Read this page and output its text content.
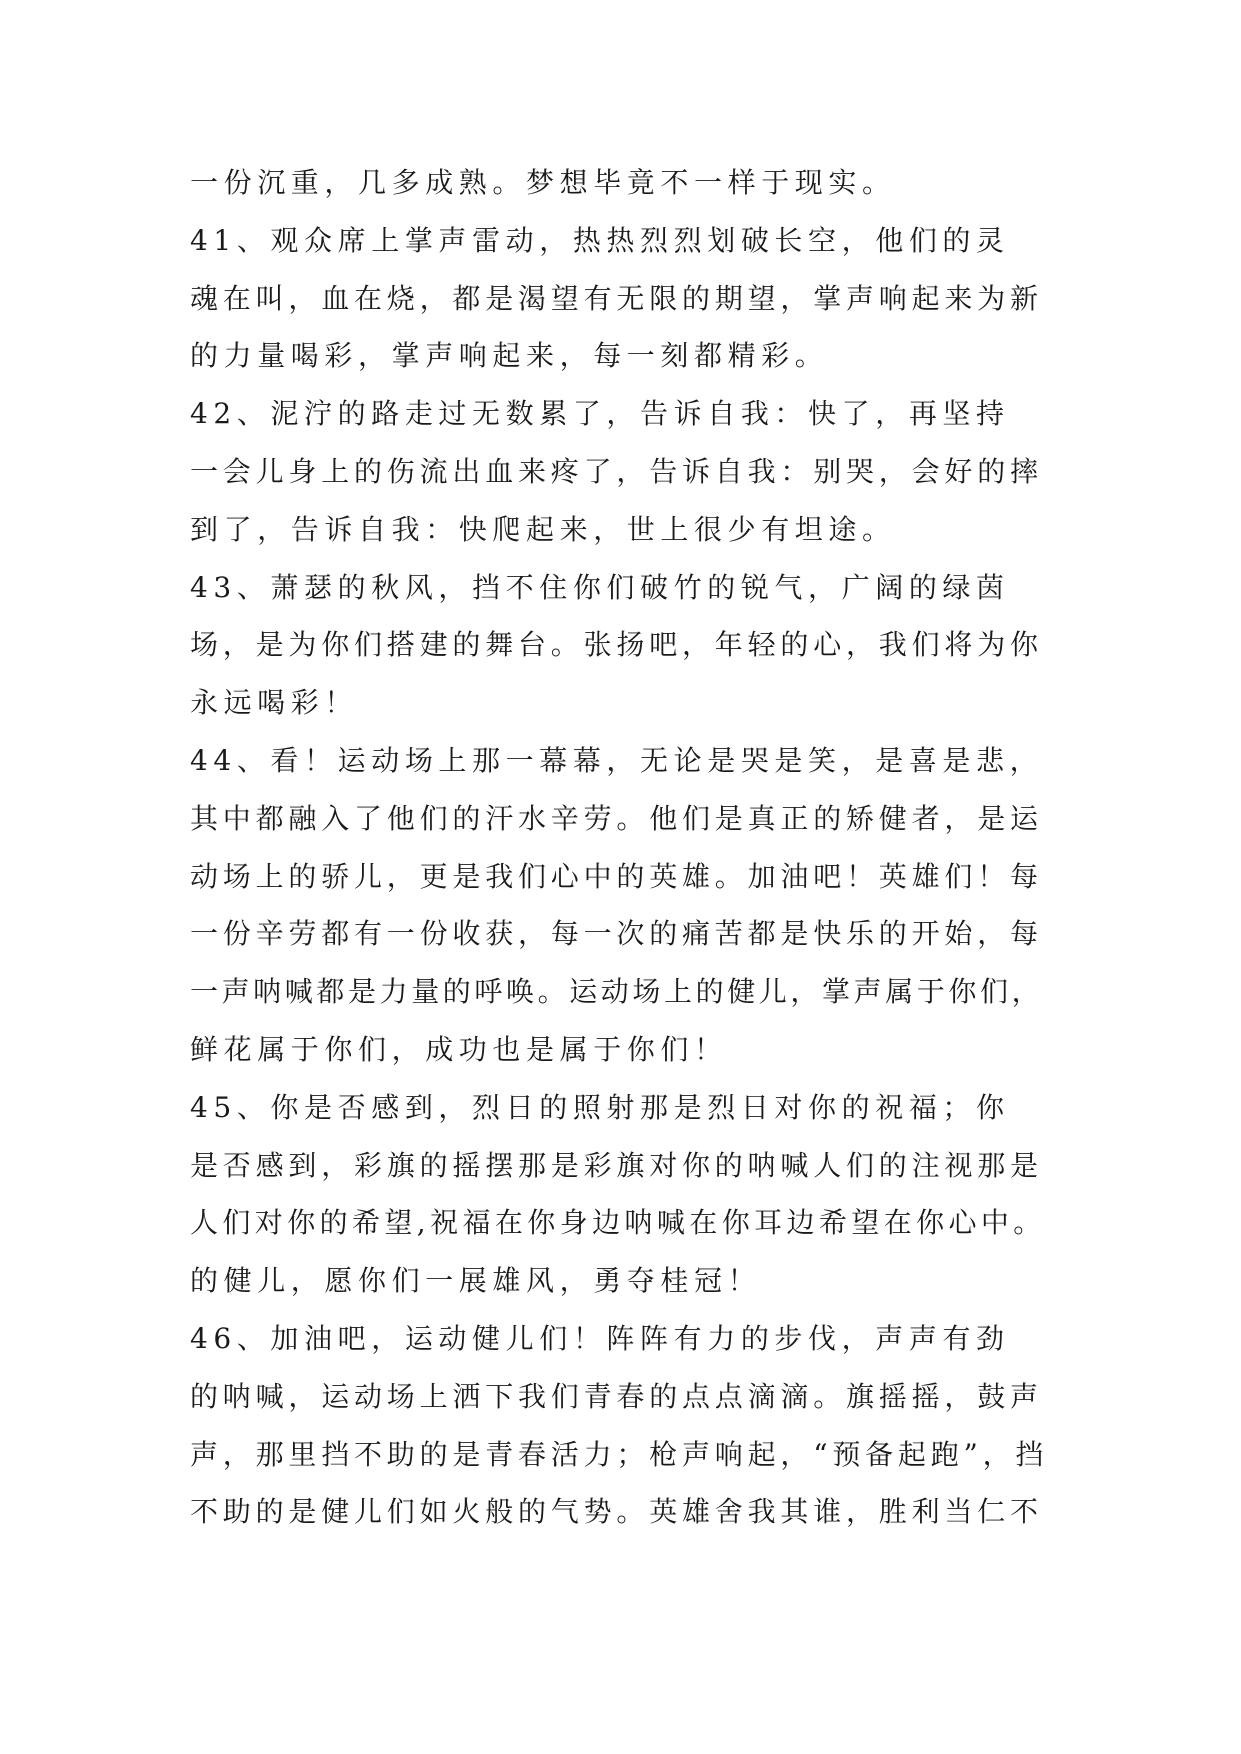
一份沉重，几多成熟。梦想毕竟不一样于现实。
41、观众席上掌声雷动，热热烈烈划破长空，他们的灵
魂在叫，血在烧，都是渴望有无限的期望，掌声响起来为新
的力量喝彩，掌声响起来，每一刻都精彩。
42、泥泞的路走过无数累了，告诉自我：快了，再坚持
一会儿身上的伤流出血来疼了，告诉自我：别哭，会好的摔
到了，告诉自我：快爬起来，世上很少有坦途。
43、萧瑟的秋风，挡不住你们破竹的锐气，广阔的绿茵
场，是为你们搭建的舞台。张扬吧，年轻的心，我们将为你
永远喝彩！
44、看！运动场上那一幕幕，无论是哭是笑，是喜是悲，
其中都融入了他们的汗水辛劳。他们是真正的矫健者，是运
动场上的骄儿，更是我们心中的英雄。加油吧！英雄们！每
一份辛劳都有一份收获，每一次的痛苦都是快乐的开始，每
一声呐喊都是力量的呼唤。运动场上的健儿，掌声属于你们，
鲜花属于你们，成功也是属于你们！
45、你是否感到，烈日的照射那是烈日对你的祝福；你
是否感到，彩旗的摇摆那是彩旗对你的呐喊人们的注视那是
人们对你的希望,祝福在你身边呐喊在你耳边希望在你心中。
的健儿，愿你们一展雄风，勇夺桂冠！
46、加油吧，运动健儿们！阵阵有力的步伐，声声有劲
的呐喊，运动场上洒下我们青春的点点滴滴。旗摇摇，鼓声
声，那里挡不助的是青春活力；枪声响起，“预备起跑”，挡
不助的是健儿们如火般的气势。英雄舍我其谁，胜利当仁不
